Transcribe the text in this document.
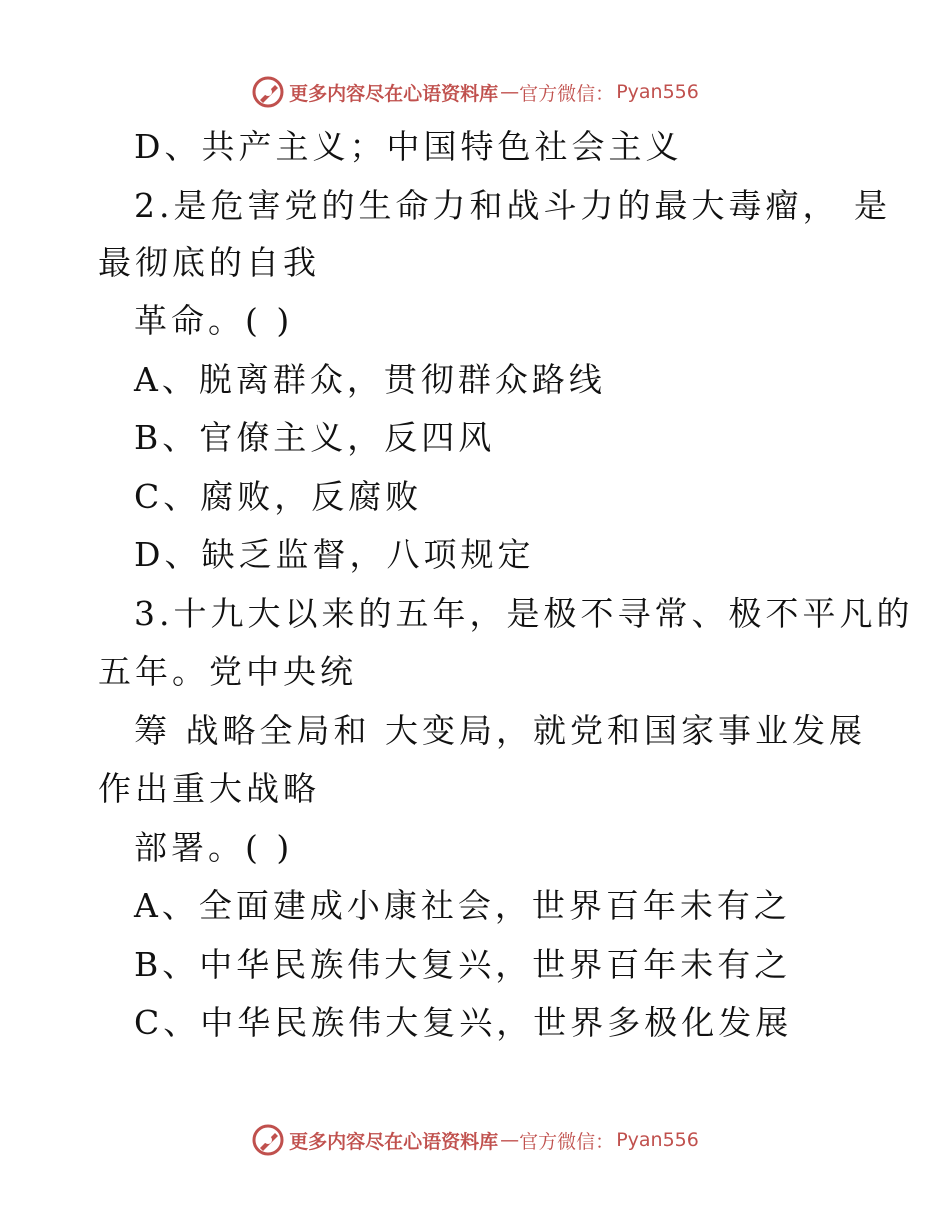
更多内容尽在心语资料库 — 官方微信： Pyan556
D、共产主义；中国特色社会主义
2.是危害党的生命力和战斗力的最大毒瘤， 是
最彻底的自我
革命。( )
A、脱离群众，贯彻群众路线
B、官僚主义，反四风
C、腐败，反腐败
D、缺乏监督，八项规定
3.十九大以来的五年，是极不寻常、极不平凡的
五年。党中央统
筹 战略全局和 大变局，就党和国家事业发展
作出重大战略
部署。( )
A、全面建成小康社会，世界百年未有之
B、中华民族伟大复兴，世界百年未有之
C、中华民族伟大复兴，世界多极化发展
更多内容尽在心语资料库 — 官方微信： Pyan556
